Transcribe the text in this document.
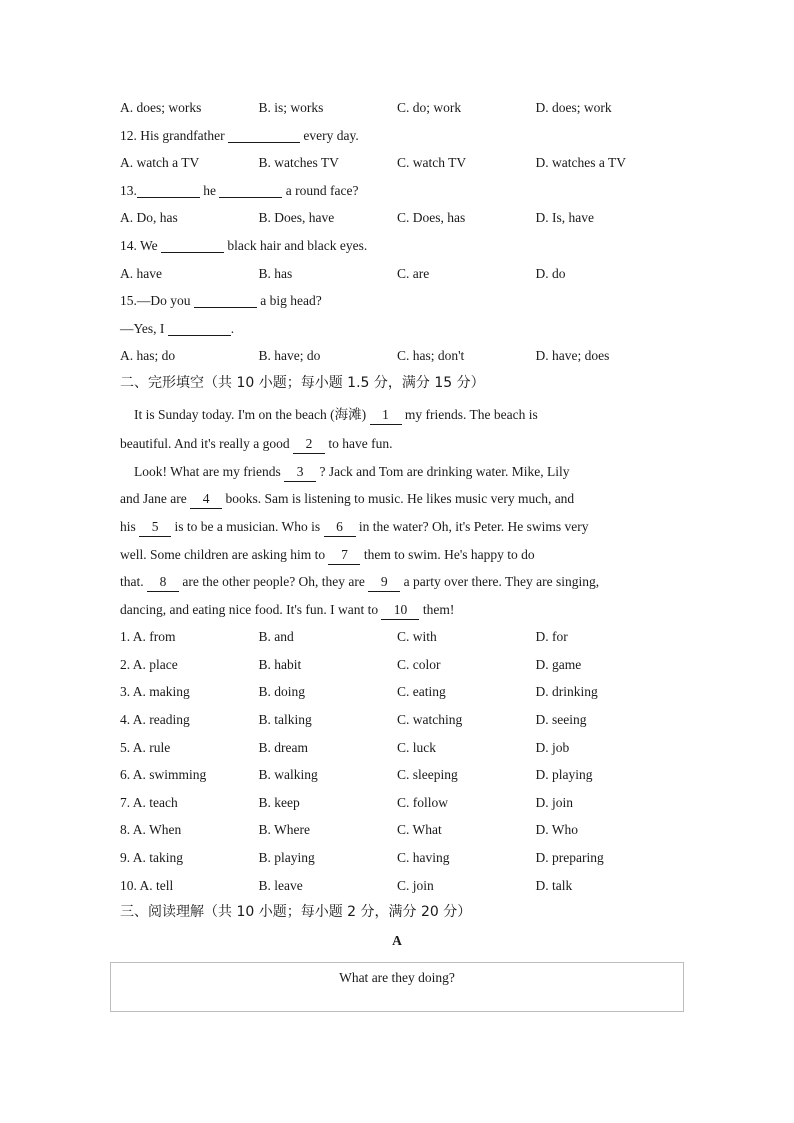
A. does; works	B. is; works	C. do; work	D. does; work
12. His grandfather	every day.
A. watch a TV	B. watches TV	C. watch TV	D. watches a TV
13.	he	a round face?
A. Do, has	B. Does, have	C. Does, has	D. Is, have
14. We	black hair and black eyes.
A. have	B. has	C. are	D. do
15.—Do you	a big head?
—Yes, I	.
A. has; do	B. have; do	C. has; don't	D. have; does
二、完形填空（共 10 小题；每小题 1.5 分，满分 15 分）
It is Sunday today. I'm on the beach (海滩) 1 my friends. The beach is
beautiful. And it's really a good 2 to have fun.
Look! What are my friends 3 ? Jack and Tom are drinking water. Mike, Lily
and Jane are 4 books. Sam is listening to music. He likes music very much, and
his 5 is to be a musician. Who is 6 in the water? Oh, it's Peter. He swims very
well. Some children are asking him to 7 them to swim. He's happy to do
that. 8 are the other people? Oh, they are 9 a party over there. They are singing,
dancing, and eating nice food. It's fun. I want to 10 them!
1. A. from	B. and	C. with	D. for
2. A. place	B. habit	C. color	D. game
3. A. making	B. doing	C. eating	D. drinking
4. A. reading	B. talking	C. watching	D. seeing
5. A. rule	B. dream	C. luck	D. job
6. A. swimming	B. walking	C. sleeping	D. playing
7. A. teach	B. keep	C. follow	D. join
8. A. When	B. Where	C. What	D. Who
9. A. taking	B. playing	C. having	D. preparing
10. A. tell	B. leave	C. join	D. talk
三、阅读理解（共 10 小题；每小题 2 分，满分 20 分）
A
What are they doing?
